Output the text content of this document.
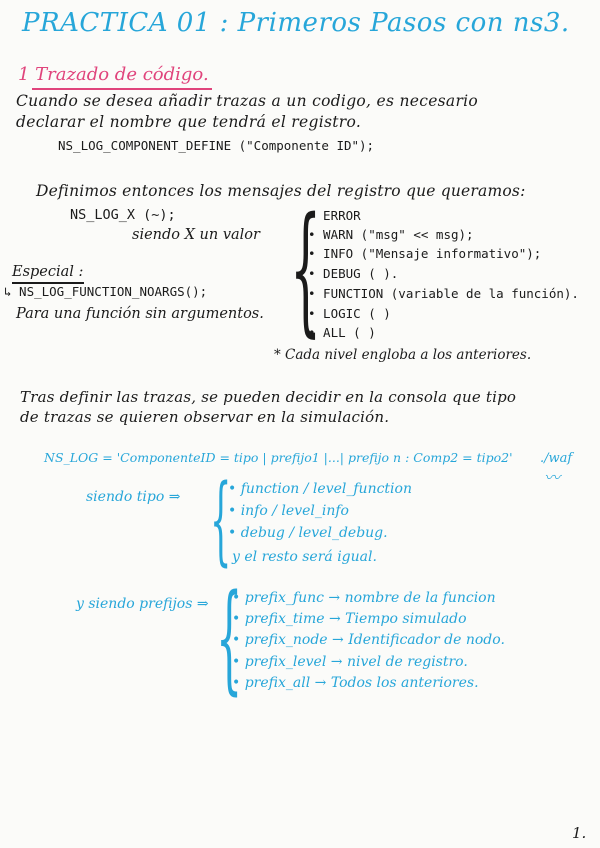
PRACTICA 01 : Primeros Pasos con ns3.
1 Trazado de código.
Cuando se desea añadir trazas a un codigo, es necesario
declarar el nombre que tendrá el registro.
NS_LOG_COMPONENT_DEFINE ("Componente ID");
Definimos entonces los mensajes del registro que queramos:
NS_LOG_X (~);
siendo X un valor {
• ERROR
• WARN ("msg" << msg);
• INFO ("Mensaje informativo");
• DEBUG ( ).
• FUNCTION (variable de la función).
• LOGIC ( )
• ALL ( )
* Cada nivel engloba a los anteriores.
Especial :
↳ NS_LOG_FUNCTION_NOARGS();
Para una función sin argumentos.
Tras definir las trazas, se pueden decidir en la consola que tipo
de trazas se quieren observar en la simulación.
NS_LOG = 'ComponenteID = tipo | prefijo1 |...| prefijo n : Comp2 = tipo2' ./waf
〰
siendo tipo ⇒ {
• function / level_function
• info / level_info
• debug / level_debug.
y el resto será igual.
y siendo prefijos ⇒ {
• prefix_func → nombre de la funcion
• prefix_time → Tiempo simulado
• prefix_node → Identificador de nodo.
• prefix_level → nivel de registro.
• prefix_all → Todos los anteriores.
1.
